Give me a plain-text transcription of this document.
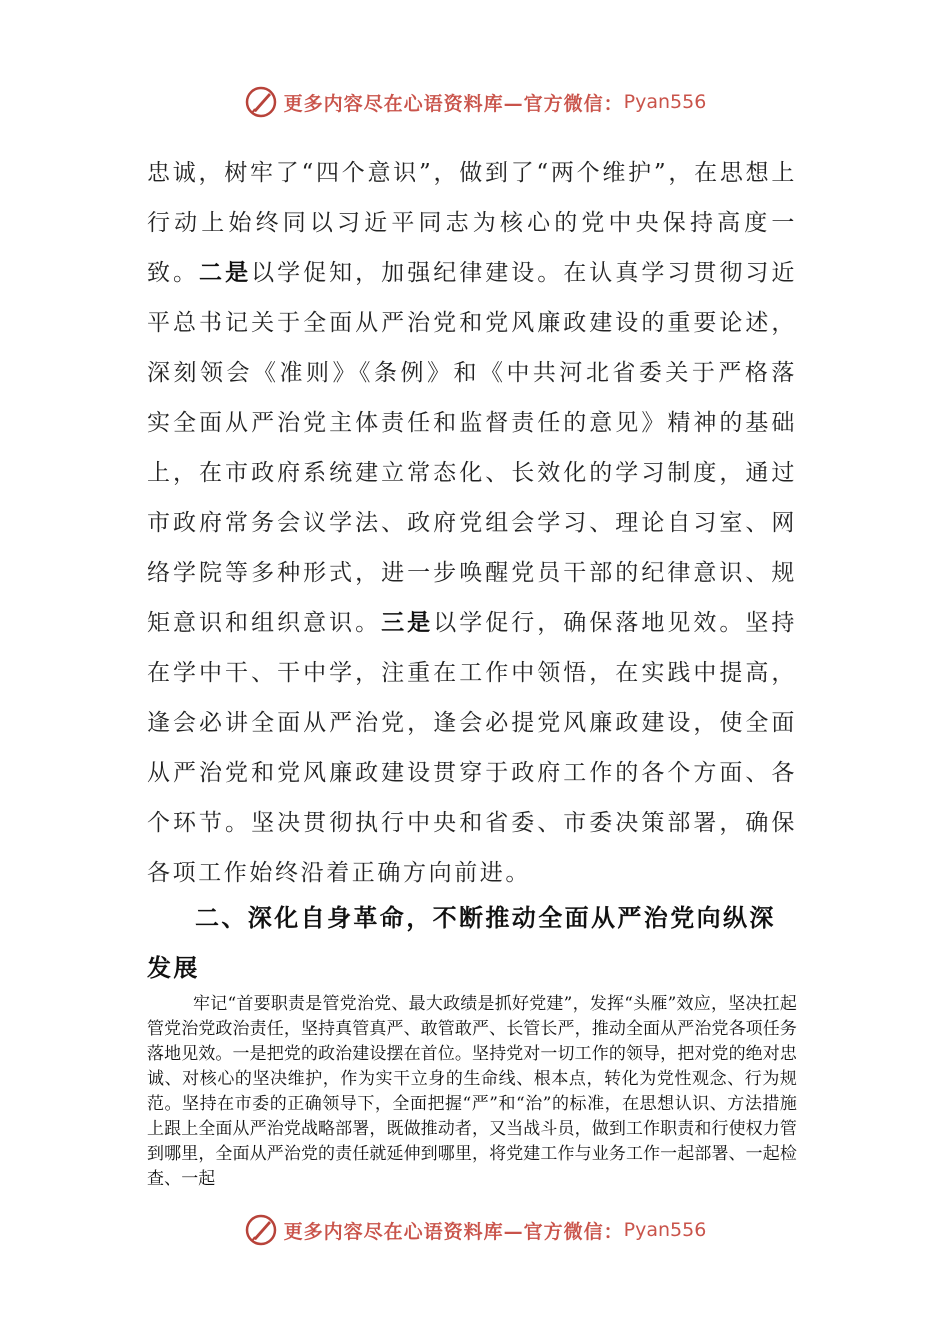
更多内容尽在心语资料库—官方微信： Pyan556

忠诚，树牢了“四个意识”，做到了“两个维护”，在思想上行动上始终同以习近平同志为核心的党中央保持高度一致。二是以学促知，加强纪律建设。在认真学习贯彻习近平总书记关于全面从严治党和党风廉政建设的重要论述，深刻领会《准则》《条例》和《中共河北省委关于严格落实全面从严治党主体责任和监督责任的意见》精神的基础上，在市政府系统建立常态化、长效化的学习制度，通过市政府常务会议学法、政府党组会学习、理论自习室、网络学院等多种形式，进一步唤醒党员干部的纪律意识、规矩意识和组织意识。三是以学促行，确保落地见效。坚持在学中干、干中学，注重在工作中领悟，在实践中提高，逢会必讲全面从严治党，逢会必提党风廉政建设，使全面从严治党和党风廉政建设贯穿于政府工作的各个方面、各个环节。坚决贯彻执行中央和省委、市委决策部署，确保各项工作始终沿着正确方向前进。

二、深化自身革命，不断推动全面从严治党向纵深发展

牢记“首要职责是管党治党、最大政绩是抓好党建”，发挥“头雁”效应，坚决扛起管党治党政治责任，坚持真管真严、敢管敢严、长管长严，推动全面从严治党各项任务落地见效。一是把党的政治建设摆在首位。坚持党对一切工作的领导，把对党的绝对忠诚、对核心的坚决维护，作为实干立身的生命线、根本点，转化为党性观念、行为规范。坚持在市委的正确领导下，全面把握“严”和“治”的标准，在思想认识、方法措施上跟上全面从严治党战略部署，既做推动者，又当战斗员，做到工作职责和行使权力管到哪里，全面从严治党的责任就延伸到哪里，将党建工作与业务工作一起部署、一起检查、一起

更多内容尽在心语资料库—官方微信： Pyan556
